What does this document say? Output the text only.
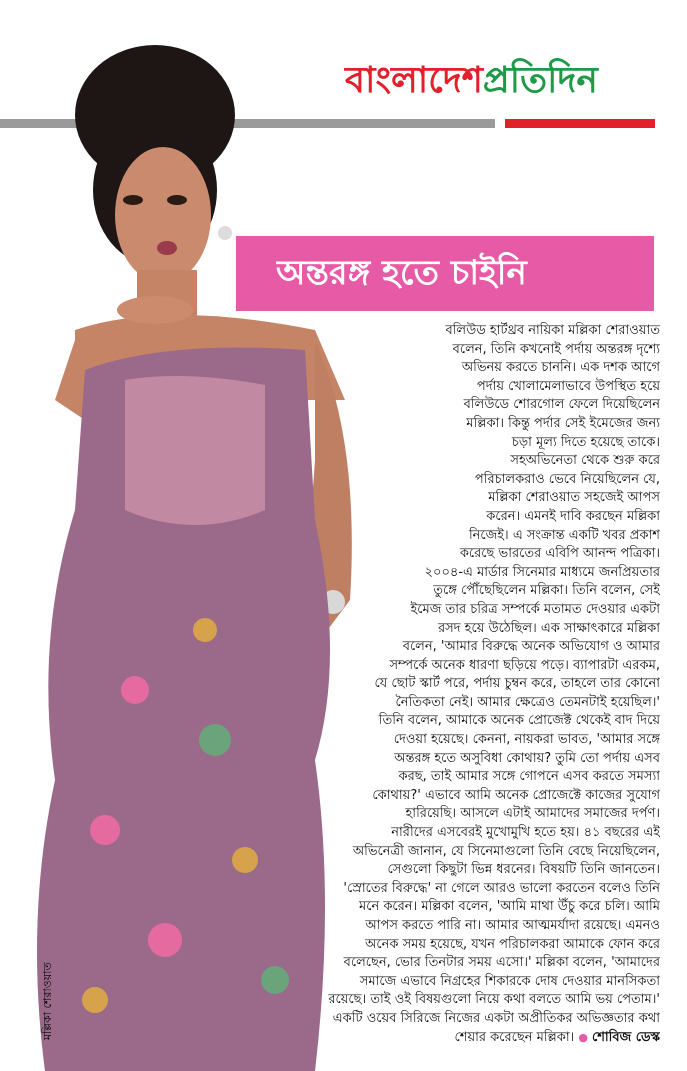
বাংলাদেশপ্রতিদিন
অন্তরঙ্গ হতে চাইনি
বলিউড হার্টথ্রব নায়িকা মল্লিকা শেরাওয়াত
বলেন, তিনি কখনোই পর্দায় অন্তরঙ্গ দৃশ্যে
অভিনয় করতে চাননি। এক দশক আগে
পর্দায় খোলামেলাভাবে উপস্থিত হয়ে
বলিউডে শোরগোল ফেলে দিয়েছিলেন
মল্লিকা। কিন্তু পর্দার সেই ইমেজের জন্য
চড়া মূল্য দিতে হয়েছে তাকে।
সহঅভিনেতা থেকে শুরু করে
পরিচালকরাও ভেবে নিয়েছিলেন যে,
মল্লিকা শেরাওয়াত সহজেই আপস
করেন। এমনই দাবি করছেন মল্লিকা
নিজেই। এ সংক্রান্ত একটি খবর প্রকাশ
করেছে ভারতের এবিপি আনন্দ পত্রিকা।
২০০৪-এ মার্ডার সিনেমার মাধ্যমে জনপ্রিয়তার
তুঙ্গে পৌঁছেছিলেন মল্লিকা। তিনি বলেন, সেই
ইমেজ তার চরিত্র সম্পর্কে মতামত দেওয়ার একটা
রসদ হয়ে উঠেছিল। এক সাক্ষাৎকারে মল্লিকা
বলেন, 'আমার বিরুদ্ধে অনেক অভিযোগ ও আমার
সম্পর্কে অনেক ধারণা ছড়িয়ে পড়ে। ব্যাপারটা এরকম,
যে ছোট স্কার্ট পরে, পর্দায় চুম্বন করে, তাহলে তার কোনো
নৈতিকতা নেই। আমার ক্ষেত্রেও তেমনটাই হয়েছিল।'
তিনি বলেন, আমাকে অনেক প্রোজেক্ট থেকেই বাদ দিয়ে
দেওয়া হয়েছে। কেননা, নায়করা ভাবত, 'আমার সঙ্গে
অন্তরঙ্গ হতে অসুবিধা কোথায়? তুমি তো পর্দায় এসব
করছ, তাই আমার সঙ্গে গোপনে এসব করতে সমস্যা
কোথায়?' এভাবে আমি অনেক প্রোজেক্টে কাজের সুযোগ
হারিয়েছি। আসলে এটাই আমাদের সমাজের দর্পণ।
নারীদের এসবেরই মুখোমুখি হতে হয়। ৪১ বছরের এই
অভিনেত্রী জানান, যে সিনেমাগুলো তিনি বেছে নিয়েছিলেন,
সেগুলো কিছুটা ভিন্ন ধরনের। বিষয়টি তিনি জানতেন।
'স্রোতের বিরুদ্ধে' না গেলে আরও ভালো করতেন বলেও তিনি
মনে করেন। মল্লিকা বলেন, 'আমি মাথা উঁচু করে চলি। আমি
আপস করতে পারি না। আমার আত্মমর্যাদা রয়েছে। এমনও
অনেক সময় হয়েছে, যখন পরিচালকরা আমাকে ফোন করে
বলেছেন, ভোর তিনটার সময় এসো।' মল্লিকা বলেন, 'আমাদের
সমাজে এভাবে নিগ্রহের শিকারকে দোষ দেওয়ার মানসিকতা
রয়েছে। তাই ওই বিষয়গুলো নিয়ে কথা বলতে আমি ভয় পেতাম।'
একটি ওয়েব সিরিজে নিজের একটা অপ্রীতিকর অভিজ্ঞতার কথা
শেয়ার করেছেন মল্লিকা। ● শোবিজ ডেস্ক
মল্লিকা শেরাওয়াত
